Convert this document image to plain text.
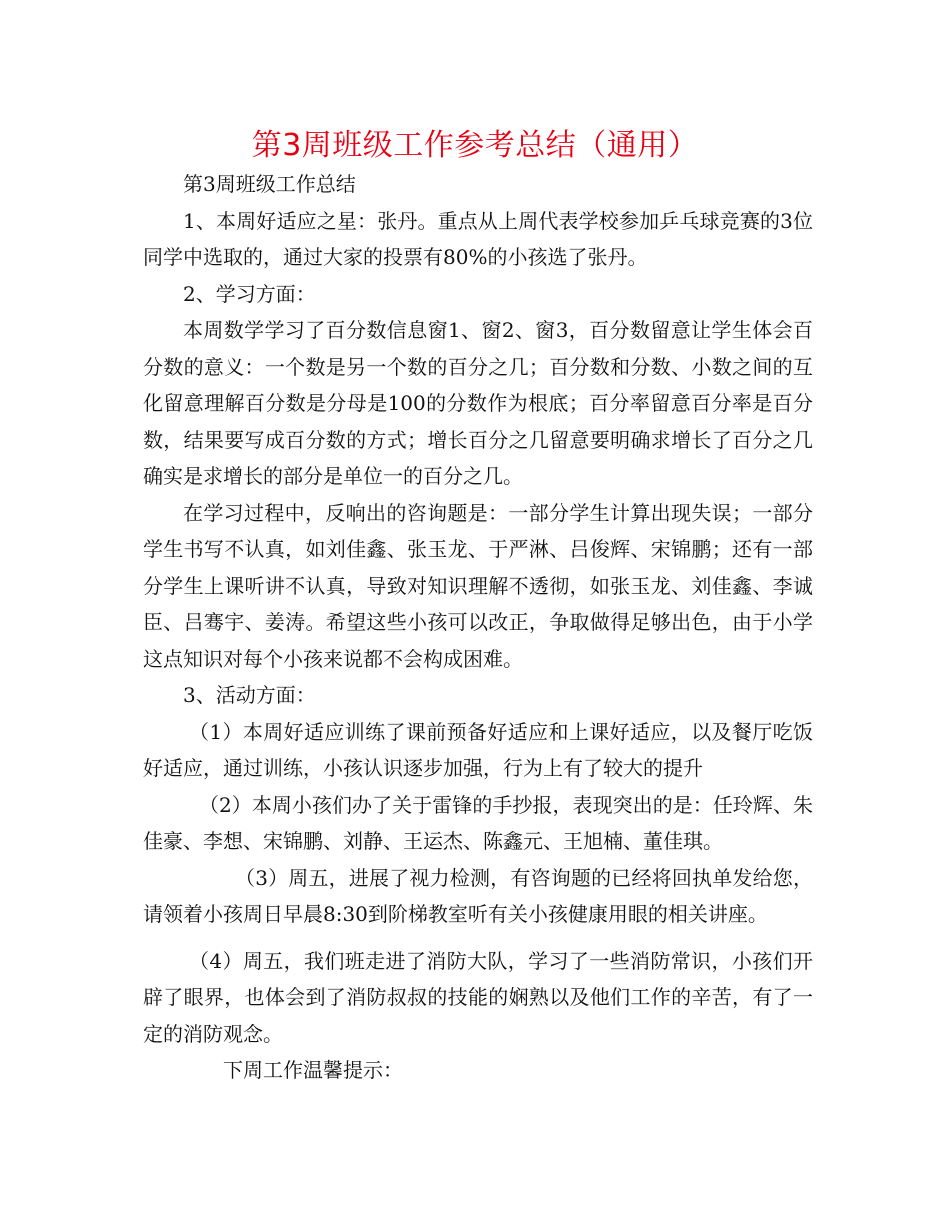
第3周班级工作参考总结（通用）

第3周班级工作总结

1、本周好适应之星：张丹。重点从上周代表学校参加乒乓球竞赛的3位同学中选取的，通过大家的投票有80%的小孩选了张丹。

2、学习方面：

本周数学学习了百分数信息窗1、窗2、窗3，百分数留意让学生体会百分数的意义：一个数是另一个数的百分之几；百分数和分数、小数之间的互化留意理解百分数是分母是100的分数作为根底；百分率留意百分率是百分数，结果要写成百分数的方式；增长百分之几留意要明确求增长了百分之几确实是求增长的部分是单位一的百分之几。

在学习过程中，反响出的咨询题是：一部分学生计算出现失误；一部分学生书写不认真，如刘佳鑫、张玉龙、于严淋、吕俊辉、宋锦鹏；还有一部分学生上课听讲不认真，导致对知识理解不透彻，如张玉龙、刘佳鑫、李诚臣、吕骞宇、姜涛。希望这些小孩可以改正，争取做得足够出色，由于小学这点知识对每个小孩来说都不会构成困难。

3、活动方面：

（1）本周好适应训练了课前预备好适应和上课好适应，以及餐厅吃饭好适应，通过训练，小孩认识逐步加强，行为上有了较大的提升

（2）本周小孩们办了关于雷锋的手抄报，表现突出的是：任玲辉、朱佳豪、李想、宋锦鹏、刘静、王运杰、陈鑫元、王旭楠、董佳琪。

（3）周五，进展了视力检测，有咨询题的已经将回执单发给您，请领着小孩周日早晨8:30到阶梯教室听有关小孩健康用眼的相关讲座。

（4）周五，我们班走进了消防大队，学习了一些消防常识，小孩们开辟了眼界，也体会到了消防叔叔的技能的娴熟以及他们工作的辛苦，有了一定的消防观念。

下周工作温馨提示：
